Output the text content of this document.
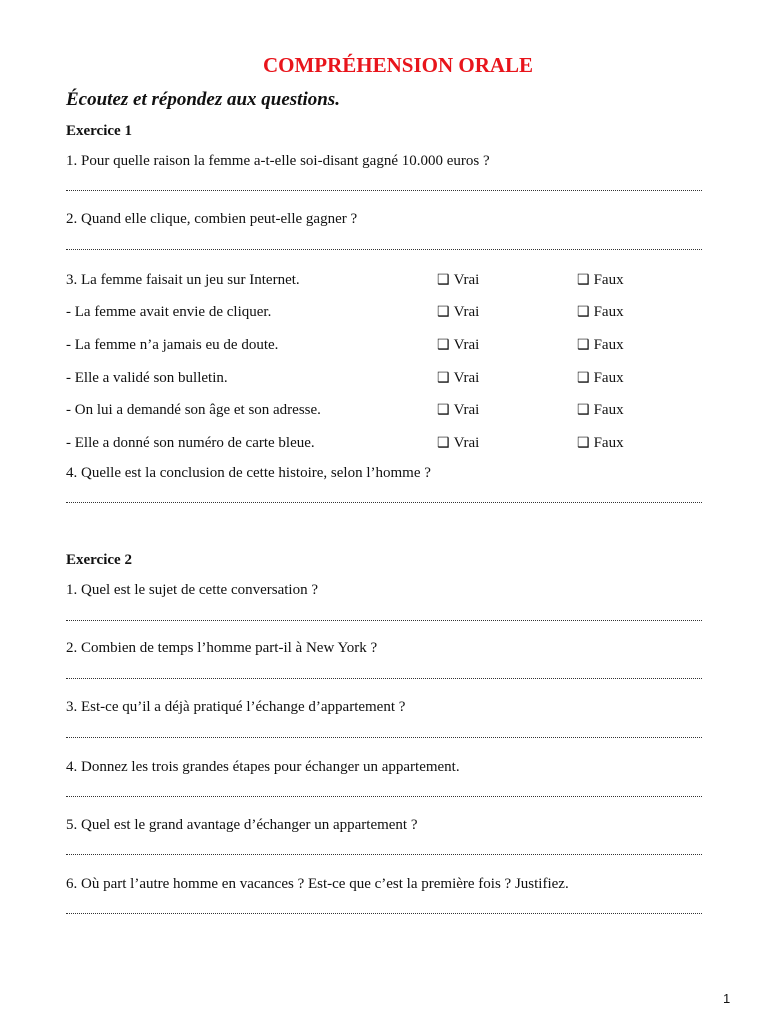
COMPRÉHENSION ORALE
Écoutez et répondez aux questions.
Exercice 1
1. Pour quelle raison la femme a-t-elle soi-disant gagné 10.000 euros ?
2. Quand elle clique, combien peut-elle gagner ?
3. La femme faisait un jeu sur Internet.	❑ Vrai	❑ Faux
- La femme avait envie de cliquer.	❑ Vrai	❑ Faux
- La femme n’a jamais eu de doute.	❑ Vrai	❑ Faux
- Elle a validé son bulletin.	❑ Vrai	❑ Faux
- On lui a demandé son âge et son adresse.	❑ Vrai	❑ Faux
- Elle a donné son numéro de carte bleue.	❑ Vrai	❑ Faux
4. Quelle est la conclusion de cette histoire, selon l’homme ?
Exercice 2
1. Quel est le sujet de cette conversation ?
2. Combien de temps l’homme part-il à New York ?
3. Est-ce qu’il a déjà pratiqué l’échange d’appartement ?
4. Donnez les trois grandes étapes pour échanger un appartement.
5. Quel est le grand avantage d’échanger un appartement ?
6. Où part l’autre homme en vacances ? Est-ce que c’est la première fois ? Justifiez.
1
